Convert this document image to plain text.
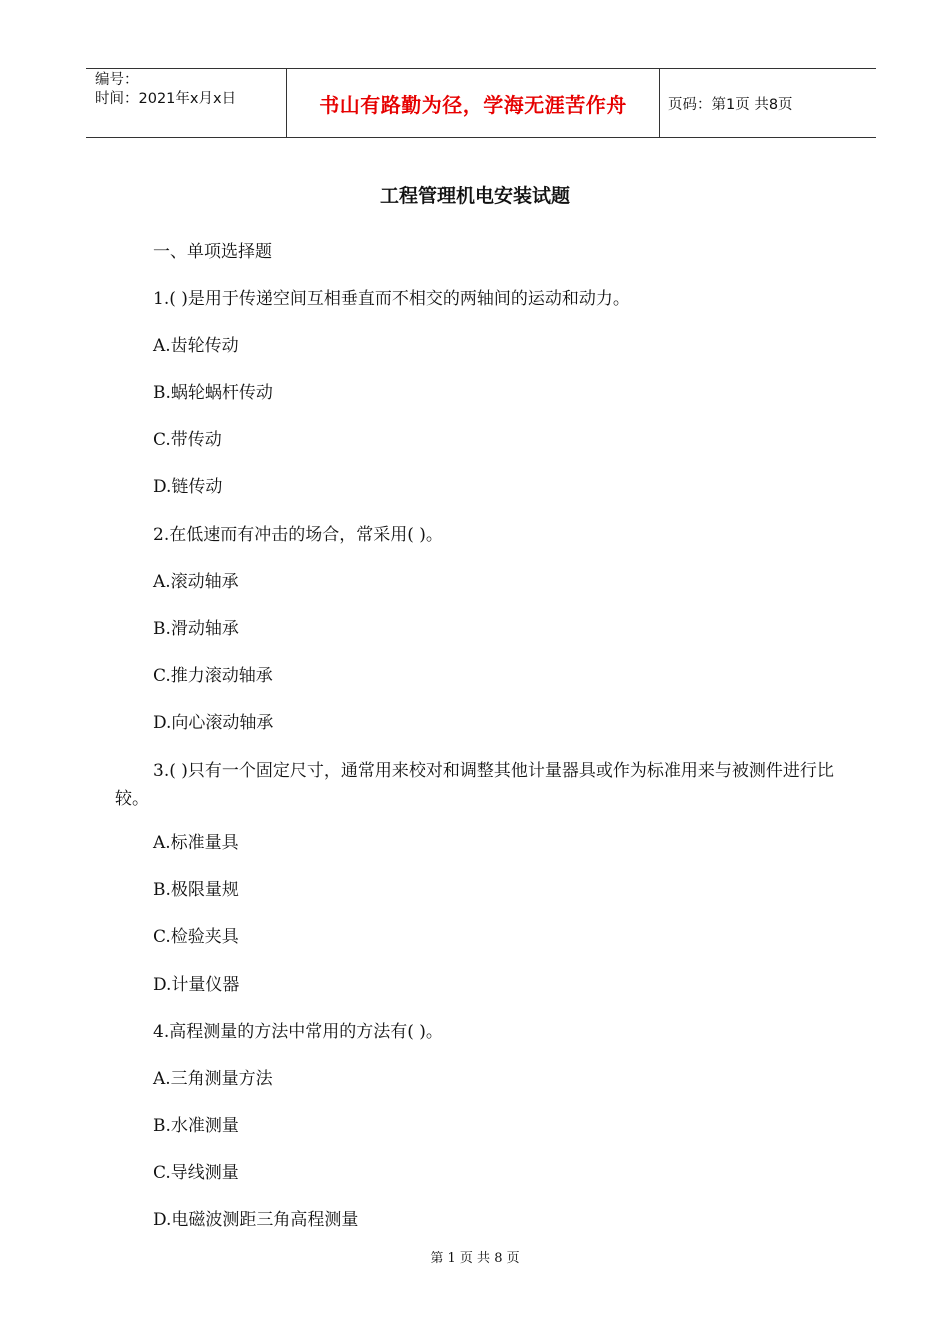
编号：
时间：2021年x月x日	书山有路勤为径，学海无涯苦作舟	页码：第1页 共8页
工程管理机电安装试题
一、单项选择题
1.( )是用于传递空间互相垂直而不相交的两轴间的运动和动力。
A.齿轮传动
B.蜗轮蜗杆传动
C.带传动
D.链传动
2.在低速而有冲击的场合，常采用( )。
A.滚动轴承
B.滑动轴承
C.推力滚动轴承
D.向心滚动轴承
3.( )只有一个固定尺寸，通常用来校对和调整其他计量器具或作为标准用来与被测件进行比较。
A.标准量具
B.极限量规
C.检验夹具
D.计量仪器
4.高程测量的方法中常用的方法有( )。
A.三角测量方法
B.水准测量
C.导线测量
D.电磁波测距三角高程测量
第 1 页 共 8 页
